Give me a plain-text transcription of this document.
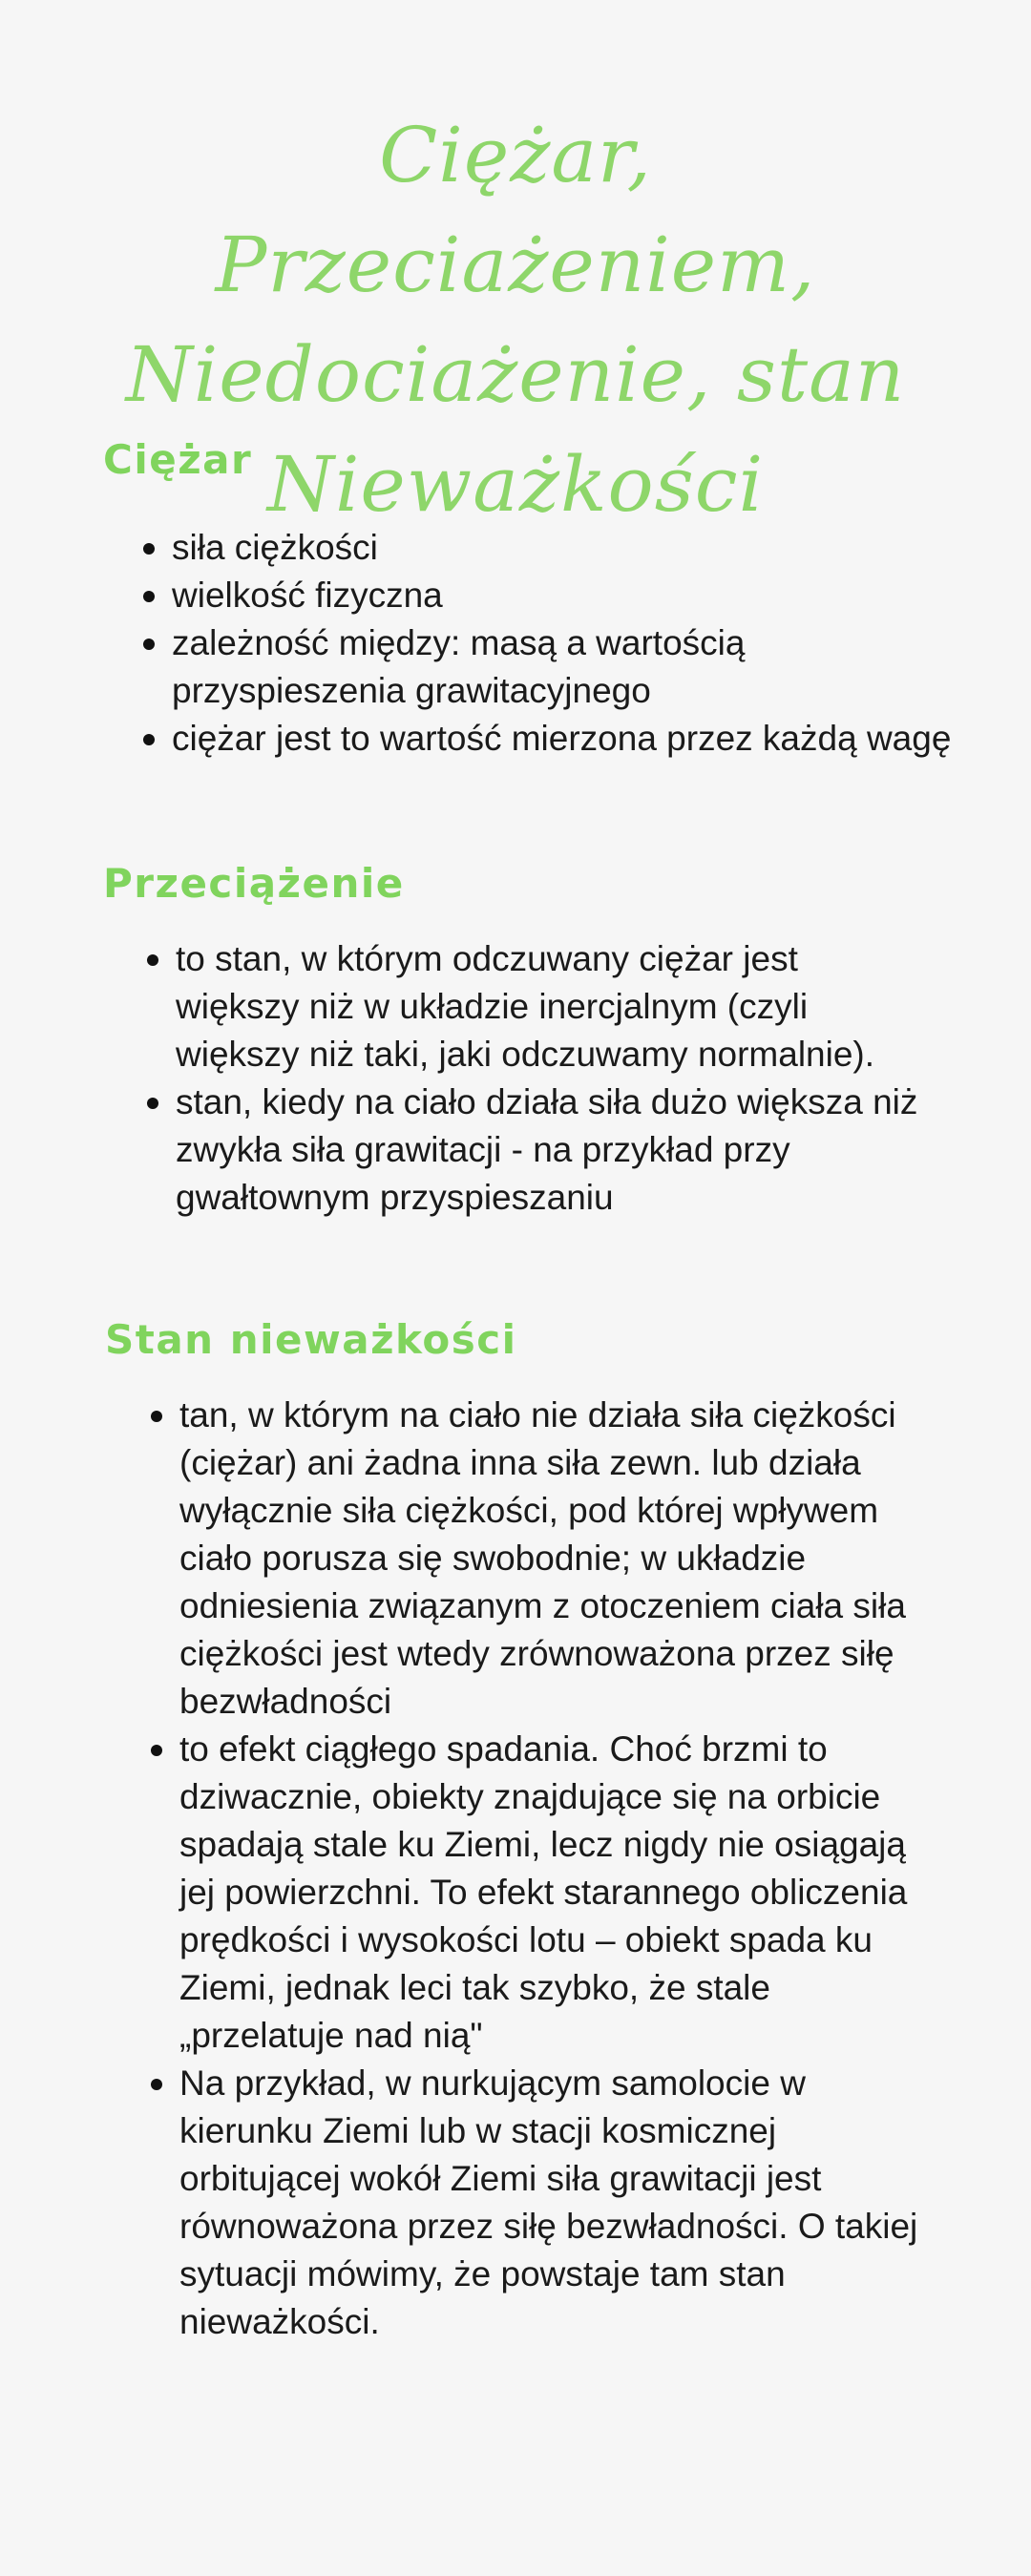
Ciężar, Przeciażeniem, Niedociażenie, stan Nieważkości
Ciężar
siła ciężkości
wielkość fizyczna
zależność między: masą a wartością przyspieszenia grawitacyjnego
ciężar jest to wartość mierzona przez każdą wagę
Przeciążenie
to stan, w którym odczuwany ciężar jest większy niż w układzie inercjalnym (czyli większy niż taki, jaki odczuwamy normalnie).
stan, kiedy na ciało działa siła dużo większa niż zwykła siła grawitacji - na przykład przy gwałtownym przyspieszaniu
Stan nieważkości
tan, w którym na ciało nie działa siła ciężkości (ciężar) ani żadna inna siła zewn. lub działa wyłącznie siła ciężkości, pod której wpływem ciało porusza się swobodnie; w układzie odniesienia związanym z otoczeniem ciała siła ciężkości jest wtedy zrównoważona przez siłę bezwładności
to efekt ciągłego spadania. Choć brzmi to dziwacznie, obiekty znajdujące się na orbicie spadają stale ku Ziemi, lecz nigdy nie osiągają jej powierzchni. To efekt starannego obliczenia prędkości i wysokości lotu – obiekt spada ku Ziemi, jednak leci tak szybko, że stale „przelatuje nad nią"
Na przykład, w nurkującym samolocie w kierunku Ziemi lub w stacji kosmicznej orbitującej wokół Ziemi siła grawitacji jest równoważona przez siłę bezwładności. O takiej sytuacji mówimy, że powstaje tam stan nieważkości.
